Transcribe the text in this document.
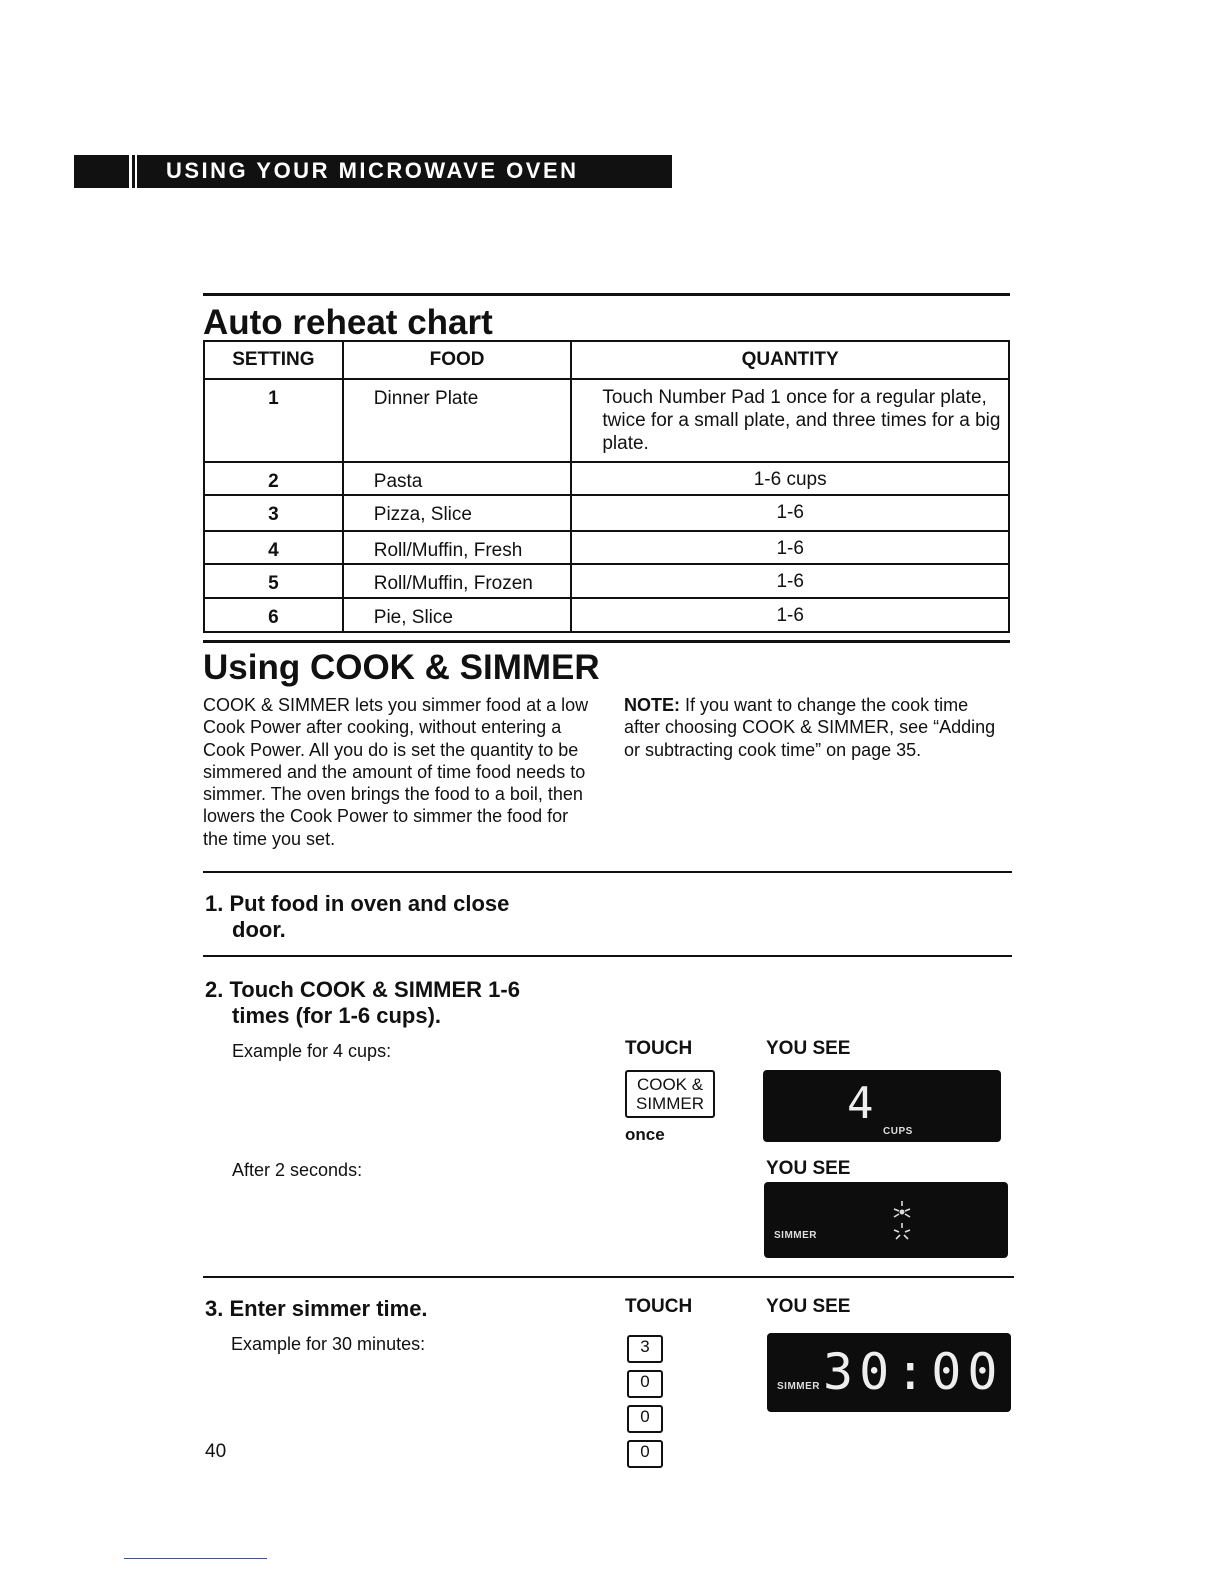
USING YOUR MICROWAVE OVEN
Auto reheat chart
SETTING	FOOD	QUANTITY
1	Dinner Plate	Touch Number Pad 1 once for a regular plate, twice for a small plate, and three times for a big plate.
2	Pasta	1-6 cups
3	Pizza, Slice	1-6
4	Roll/Muffin, Fresh	1-6
5	Roll/Muffin, Frozen	1-6
6	Pie, Slice	1-6
Using COOK & SIMMER
COOK & SIMMER lets you simmer food at a low Cook Power after cooking, without entering a Cook Power. All you do is set the quantity to be simmered and the amount of time food needs to simmer. The oven brings the food to a boil, then lowers the Cook Power to simmer the food for the time you set.
NOTE: If you want to change the cook time after choosing COOK & SIMMER, see “Adding or subtracting cook time” on page 35.
1. Put food in oven and close
door.
2. Touch COOK & SIMMER 1-6
times (for 1-6 cups).
Example for 4 cups:
After 2 seconds:
TOUCH	YOU SEE
COOK &
SIMMER
once
4
CUPS
YOU SEE
SIMMER
3. Enter simmer time.
Example for 30 minutes:
TOUCH	YOU SEE
3
0
0
0
SIMMER 30:00
40
